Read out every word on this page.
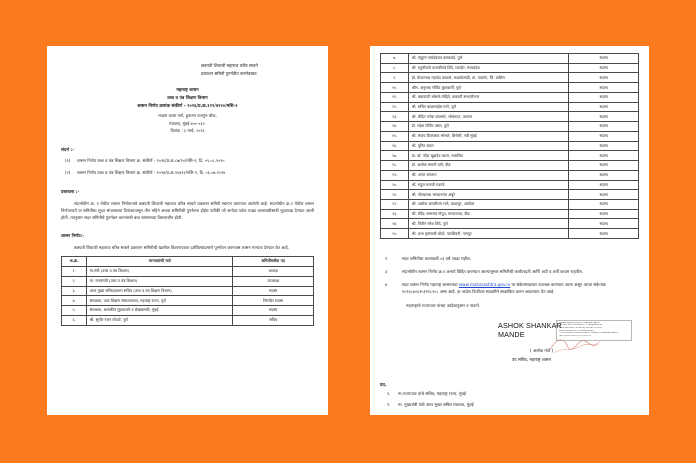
छत्रपती शिवाजी महाराज चरित्र साधने
प्रकाशन समिती पुनर्गठीत करणेबाबत.
महाराष्ट्र शासन
उच्च व तंत्र शिक्षण विभाग
शासन निर्णय क्रमांक संकीर्ण - २०२६/प्र.क्र.१२९/४२२०/मशि-२
मादाम कामा मार्ग, हुतात्मा राजगुरु चौक,
मंत्रालय, मुंबई-४०० ०३२.
दिनांक : ६ मार्च, २०२६
संदर्भ :-
(१) शासन निर्णय उच्च व तंत्र शिक्षण विभाग क्र. संकीर्ण - २०२६/प्र.क्र.८७/२०/मशि-२, दि. ०९.०८.२०२०
(२) शासन निर्णय उच्च व तंत्र शिक्षण विभाग क्र. संकीर्ण - २०२४/प्र.क्र.९५४९२/मशि-२, दि. ०६.०७.२०२४
प्रस्तावना :-
संदर्भाधीन क्र. १ येथील शासन निर्णयान्वये छत्रपती शिवाजी महाराज चरित्र साधने प्रकाशन समिती स्थापन करण्यात आलेली आहे. संदर्भाधीन क्र.२ येथील शासन निर्णयान्वये या समितीचा मुदत संपल्याच्या दिनांकापासून तीन महिने अथवा समितीची पुनर्रचना होईल यापैकी जो अगोदर घडेल एवढा कालावधीसाठी मुदतवाढ देण्यात आली होती. त्यानुसार सदर समितीचे पुनर्गठन करण्याची बाब शासनाच्या विचाराधीन होती.
शासन निर्णय:-
छत्रपती शिवाजी महाराज चरित्र साधने प्रकाशन समितीची खालील विवरणपत्रात दर्शविल्याप्रमाणे पुनर्गठन करण्यास शासन मान्यता देण्यात येत आहे.
अ.क्र.	मान्यवरांची नावे	समितीमधील पद
१.	मा.मंत्री (उच्च व तंत्र शिक्षण)	अध्यक्ष
२.	मा. राज्यमंत्री (उच्च व तंत्र शिक्षण)	उपाध्यक्ष
३.	अपर मुख्य सचिव/प्रधान सचिव (उच्च व तंत्र शिक्षण विभाग)	सदस्य
४.	संचालक, उच्च शिक्षण संचालनालय, महाराष्ट्र राज्य, पुणे	निमंत्रीत सदस्य
५.	संचालक, शासकीय मुद्रणालये व लेखसामग्री, मुंबई	सदस्य
६.	श्री. सुधीर रंजन धोपाटे, पुणे	सचिव
७.	श्री. पांडुरंग नामदेवराव बलकवडे, पुणे	सदस्य
८.	श्री. रघुजीराजे दत्ताजीरावे शिंदे, ग्वाल्हेर, मध्यप्रदेश	सदस्य
९.	डॉ. केदारनाथ महादेव काळले, काळकेमाडी, ता. पाडगंग, जि. वाशिम	सदस्य
१०.	श्रीम. अनुराधा गोविंद कुलकर्णी, पुणे	सदस्य
११.	श्री. चक्रपाणी भोसले-मोहिते, छत्रपती संभाजीनगर	सदस्य
१२.	श्री. सचिन बाळासाहेब गरगे, पुणे	सदस्य
१३.	श्री. रोहित गणेश वाघमारे, भोकरदन, जालना	सदस्य
१४.	डॉ. महेश गोविंद वसंत, पुणे	सदस्य
१५.	श्री. संजय विजयराव भोसले, शिरोली, नवी मुंबई	सदस्य
१६.	श्री. पुनित कदम	सदस्य
१७.	प्रा. डॉ. नरेंद्रा खुशदेव कदम, धाराशिव	सदस्य
१८.	डॉ. अशोक मारुती वांगे, बीड	सदस्य
१९.	श्री. अनंत जगताप	सदस्य
२०.	श्री. राहुल मारुती गडगडे	सदस्य
२१.	श्री. गोरखनाथ भगवानराव अंबुरे	सदस्य
२२.	श्री. अशोक अमलीराम राणे, बाळापुर, अकोला	सदस्य
२३.	श्री. रविंद्र अमरराव गोपुत्र, माजलगाव, बीड	सदस्य
२४.	श्री. नितीन रमेश शिंदे, पुणे	सदस्य
२५.	श्री. प्रभा कृष्णाजी बोंदरे, पारशिवनी, नागपुर	सदस्य
२	सदर समितीचा कालावधी ०३ वर्ष एवढा राहील.
३	संदर्भाधीन शासन निर्णय क्र.१ अन्वये विहित करण्यात आल्यानुसार समितीची कार्यपध्दती आणि अटी व शर्ती कायम राहतील.
४	सदर शासन निर्णय महाराष्ट्र शासनाच्या www.maharashtra.gov.in या संकेतस्थळावर उपलब्ध करण्यात आला असून त्याचा संकेतांक २०२६०३०६१५१२१८९०८ असा आहे. हा आदेश डिजीटल स्वाक्षरीने साक्षांकित करुन काढण्यात येत आहे.
महाराष्ट्राचे राज्यपाल यांच्या आदेशानुसार व नावाने.
ASHOK SHANKAR
MANDE
Digitally signed by ASHOK SHANKAR MANDE
DN: c=IN, o=GOVERNMENT OF MAHARASHTRA,
ou=HIGHER AND TECHNICAL EDUCATION DEPT,
postalCode=400032, st=Maharashtra,
2.5.4.20=8e5a1c9f4b2d7e3a6c0f, cn=ASHOK SHANKAR MANDE
Date: 2026.03.06 15:12:18 +05'30'
( अशोक मांडे )
उप सचिव, महाराष्ट्र शासन
प्रत,
१. मा.राज्यपाल यांचे सचिव, महाराष्ट्र राज्य, मुंबई
२. मा. मुख्यमंत्री यांचे अपर मुख्य सचिव मंत्रालय, मुंबई
